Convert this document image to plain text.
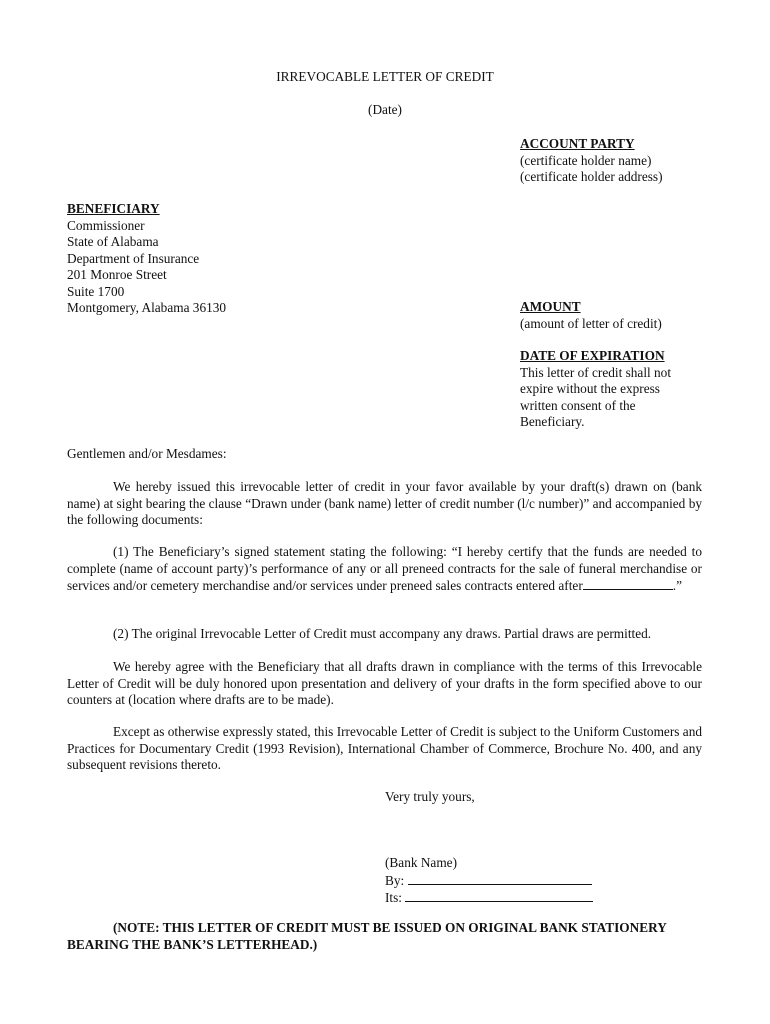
IRREVOCABLE LETTER OF CREDIT
(Date)
ACCOUNT PARTY
(certificate holder name)
(certificate holder address)
BENEFICIARY
Commissioner
State of Alabama
Department of Insurance
201 Monroe Street
Suite 1700
Montgomery, Alabama 36130	AMOUNT
(amount of letter of credit)
DATE OF EXPIRATION
This letter of credit shall not
expire without the express
written consent of the
Beneficiary.
Gentlemen and/or Mesdames:
We hereby issued this irrevocable letter of credit in your favor available by your draft(s) drawn on (bank name) at sight bearing the clause “Drawn under (bank name) letter of credit number (l/c number)” and accompanied by the following documents:
(1) The Beneficiary’s signed statement stating the following: “I hereby certify that the funds are needed to complete (name of account party)’s performance of any or all preneed contracts for the sale of funeral merchandise or services and/or cemetery merchandise and/or services under preneed sales contracts entered after	.”
(2) The original Irrevocable Letter of Credit must accompany any draws. Partial draws are permitted.
We hereby agree with the Beneficiary that all drafts drawn in compliance with the terms of this Irrevocable Letter of Credit will be duly honored upon presentation and delivery of your drafts in the form specified above to our counters at (location where drafts are to be made).
Except as otherwise expressly stated, this Irrevocable Letter of Credit is subject to the Uniform Customers and Practices for Documentary Credit (1993 Revision), International Chamber of Commerce, Brochure No. 400, and any subsequent revisions thereto.
Very truly yours,
(Bank Name)
By:
Its:
(NOTE: THIS LETTER OF CREDIT MUST BE ISSUED ON ORIGINAL BANK STATIONERY BEARING THE BANK’S LETTERHEAD.)
